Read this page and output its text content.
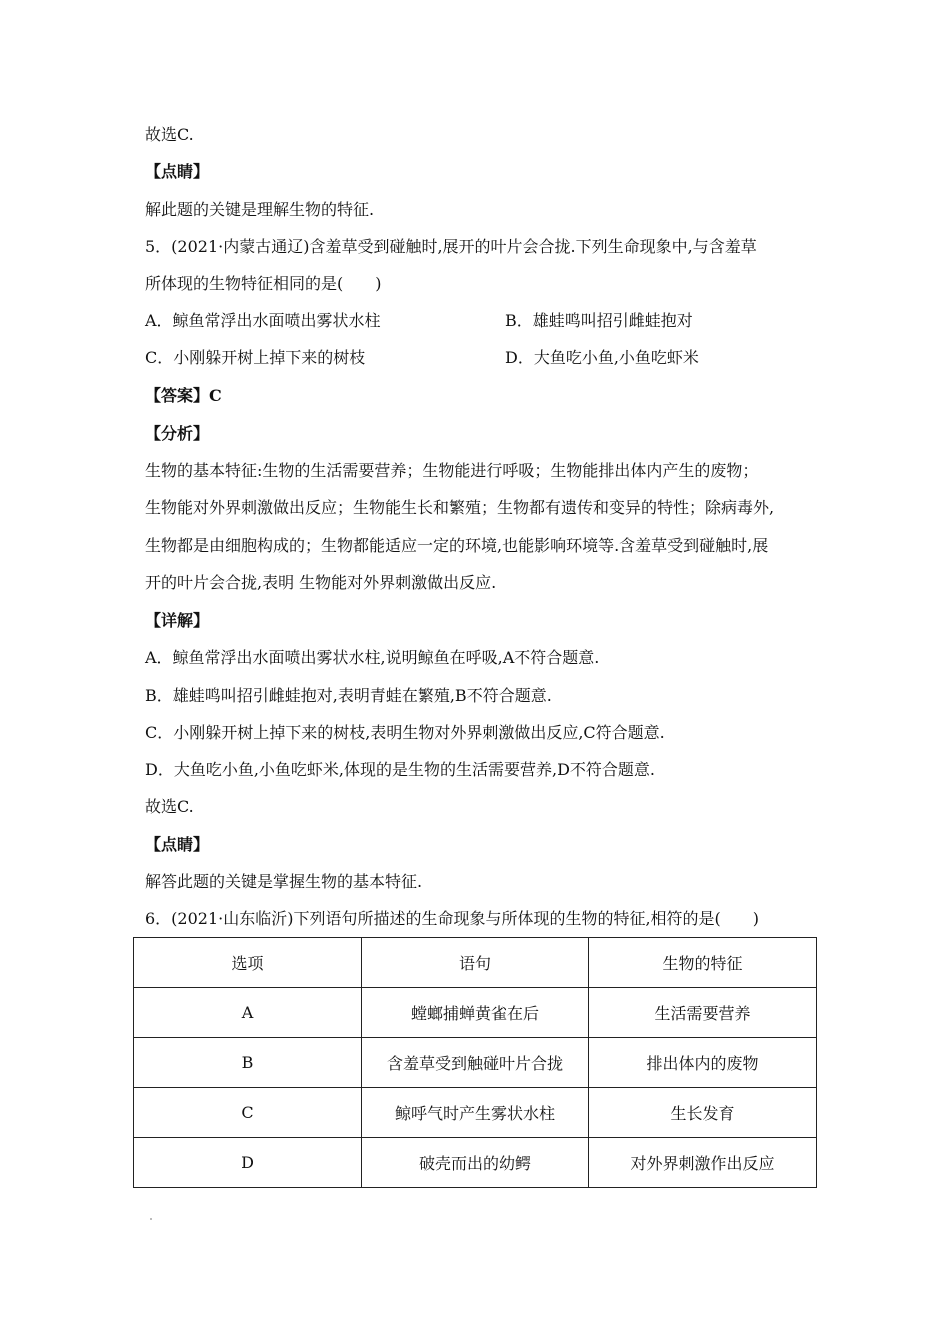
故选C.
【点睛】
解此题的关键是理解生物的特征.
5．(2021·内蒙古通辽)含羞草受到碰触时,展开的叶片会合拢.下列生命现象中,与含羞草
所体现的生物特征相同的是(　　)
A．鲸鱼常浮出水面喷出雾状水柱	B．雄蛙鸣叫招引雌蛙抱对
C．小刚躲开树上掉下来的树枝	D．大鱼吃小鱼,小鱼吃虾米
【答案】C
【分析】
生物的基本特征:生物的生活需要营养；生物能进行呼吸；生物能排出体内产生的废物；
生物能对外界刺激做出反应；生物能生长和繁殖；生物都有遗传和变异的特性；除病毒外,
生物都是由细胞构成的；生物都能适应一定的环境,也能影响环境等.含羞草受到碰触时,展
开的叶片会合拢,表明 生物能对外界刺激做出反应.
【详解】
A．鲸鱼常浮出水面喷出雾状水柱,说明鲸鱼在呼吸,A不符合题意.
B．雄蛙鸣叫招引雌蛙抱对,表明青蛙在繁殖,B不符合题意.
C．小刚躲开树上掉下来的树枝,表明生物对外界刺激做出反应,C符合题意.
D．大鱼吃小鱼,小鱼吃虾米,体现的是生物的生活需要营养,D不符合题意.
故选C.
【点睛】
解答此题的关键是掌握生物的基本特征.
6．(2021·山东临沂)下列语句所描述的生命现象与所体现的生物的特征,相符的是(　　)
选项	语句	生物的特征
A	螳螂捕蝉黄雀在后	生活需要营养
B	含羞草受到触碰叶片合拢	排出体内的废物
C	鲸呼气时产生雾状水柱	生长发育
D	破壳而出的幼鳄	对外界刺激作出反应
